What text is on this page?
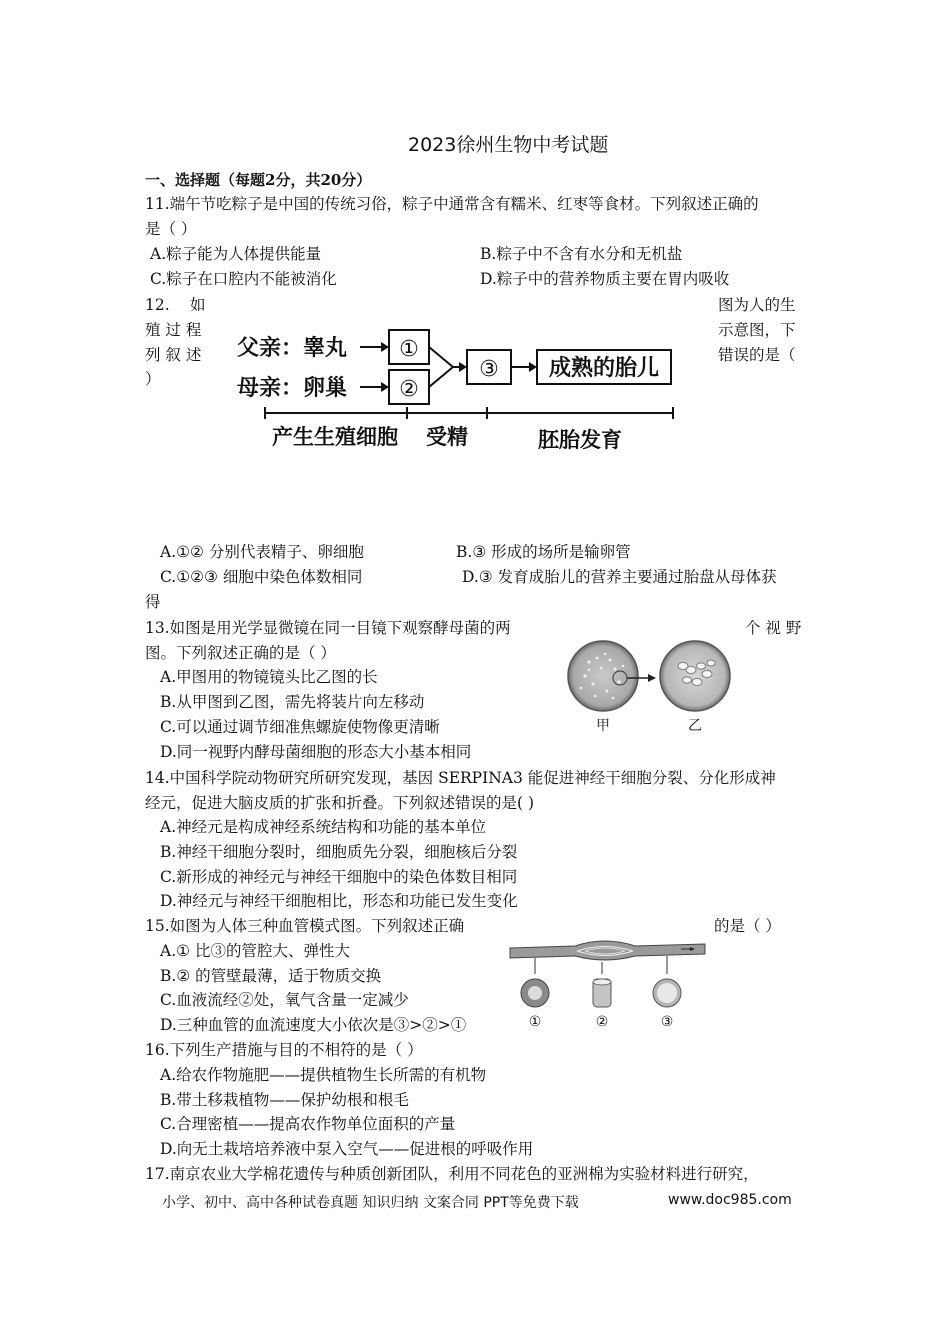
2023徐州生物中考试题
一、选择题（每题2分，共20分）
11.端午节吃粽子是中国的传统习俗，粽子中通常含有糯米、红枣等食材。下列叙述正确的
是（ ）
A.粽子能为人体提供能量	B.粽子中不含有水分和无机盐
C.粽子在口腔内不能被消化	D.粽子中的营养物质主要在胃内吸收
12. 如
殖 过 程
列 叙 述
）
图为人的生
示意图，下
错误的是（
父亲：睾丸
母亲：卵巢
①
②
③ 成熟的胎儿
产生生殖细胞 受精	胚胎发育
A.①② 分别代表精子、卵细胞	B.③ 形成的场所是输卵管
C.①②③ 细胞中染色体数相同	D.③ 发育成胎儿的营养主要通过胎盘从母体获
得
13.如图是用光学显微镜在同一目镜下观察酵母菌的两	个 视 野
图。下列叙述正确的是（ ）
A.甲图用的物镜镜头比乙图的长
B.从甲图到乙图，需先将装片向左移动
C.可以通过调节细准焦螺旋使物像更清晰
D.同一视野内酵母菌细胞的形态大小基本相同
甲	乙
14.中国科学院动物研究所研究发现，基因 SERPINA3 能促进神经干细胞分裂、分化形成神
经元，促进大脑皮质的扩张和折叠。下列叙述错误的是( )
A.神经元是构成神经系统结构和功能的基本单位
B.神经干细胞分裂时，细胞质先分裂，细胞核后分裂
C.新形成的神经元与神经干细胞中的染色体数目相同
D.神经元与神经干细胞相比，形态和功能已发生变化
15.如图为人体三种血管模式图。下列叙述正确	的是（ ）
A.① 比③的管腔大、弹性大
B.② 的管壁最薄，适于物质交换
C.血液流经②处，氧气含量一定减少
D.三种血管的血流速度大小依次是③>②>①	①	②	③
16.下列生产措施与目的不相符的是（ ）
A.给农作物施肥——提供植物生长所需的有机物
B.带土移栽植物——保护幼根和根毛
C.合理密植——提高农作物单位面积的产量
D.向无土栽培培养液中泵入空气——促进根的呼吸作用
17.南京农业大学棉花遗传与种质创新团队，利用不同花色的亚洲棉为实验材料进行研究，
小学、初中、高中各种试卷真题 知识归纳 文案合同 PPT等免费下载	www.doc985.com
